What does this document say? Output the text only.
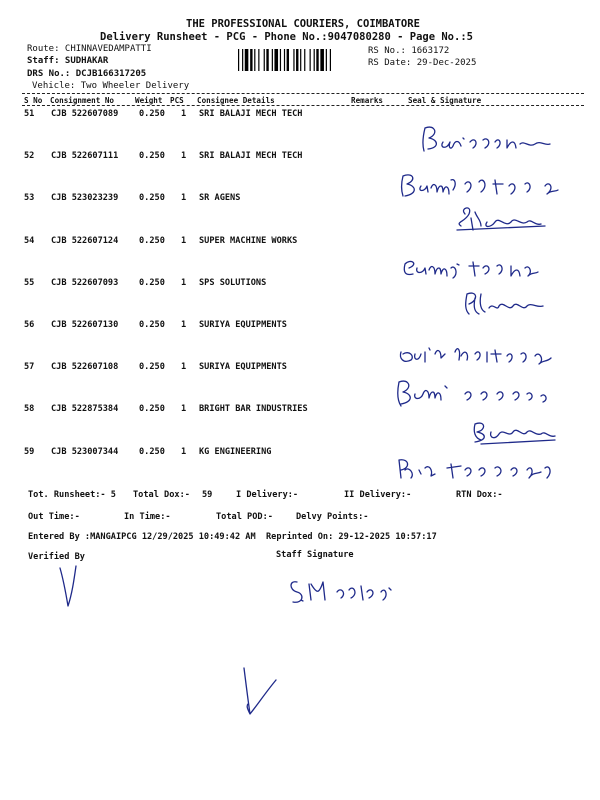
THE PROFESSIONAL COURIERS, COIMBATORE
Delivery Runsheet - PCG - Phone No.:9047080280 - Page No.:5
Route: CHINNAVEDAMPATTI
Staff: SUDHAKAR
DRS No.: DCJB166317205
Vehicle: Two Wheeler Delivery
RS No.: 1663172
RS Date: 29-Dec-2025
S No Consignment No	Weight PCS Consignee Details	Remarks	Seal & Signature
51 CJB 522607089 0.250 1 SRI BALAJI MECH TECH
52 CJB 522607111 0.250 1 SRI BALAJI MECH TECH
53 CJB 523023239 0.250 1 SR AGENS
54 CJB 522607124 0.250 1 SUPER MACHINE WORKS
55 CJB 522607093 0.250 1 SPS SOLUTIONS
56 CJB 522607130 0.250 1 SURIYA EQUIPMENTS
57 CJB 522607108 0.250 1 SURIYA EQUIPMENTS
58 CJB 522875384 0.250 1 BRIGHT BAR INDUSTRIES
59 CJB 523007344 0.250 1 KG ENGINEERING
Tot. Runsheet:- 5 Total Dox:- 59	I Delivery:-	II Delivery:-	RTN Dox:-
Out Time:-	In Time:-	Total POD:-	Delvy Points:-
Entered By :MANGAIPCG 12/29/2025 10:49:42 AM Reprinted On: 29-12-2025 10:57:17
Verified By	Staff Signature
